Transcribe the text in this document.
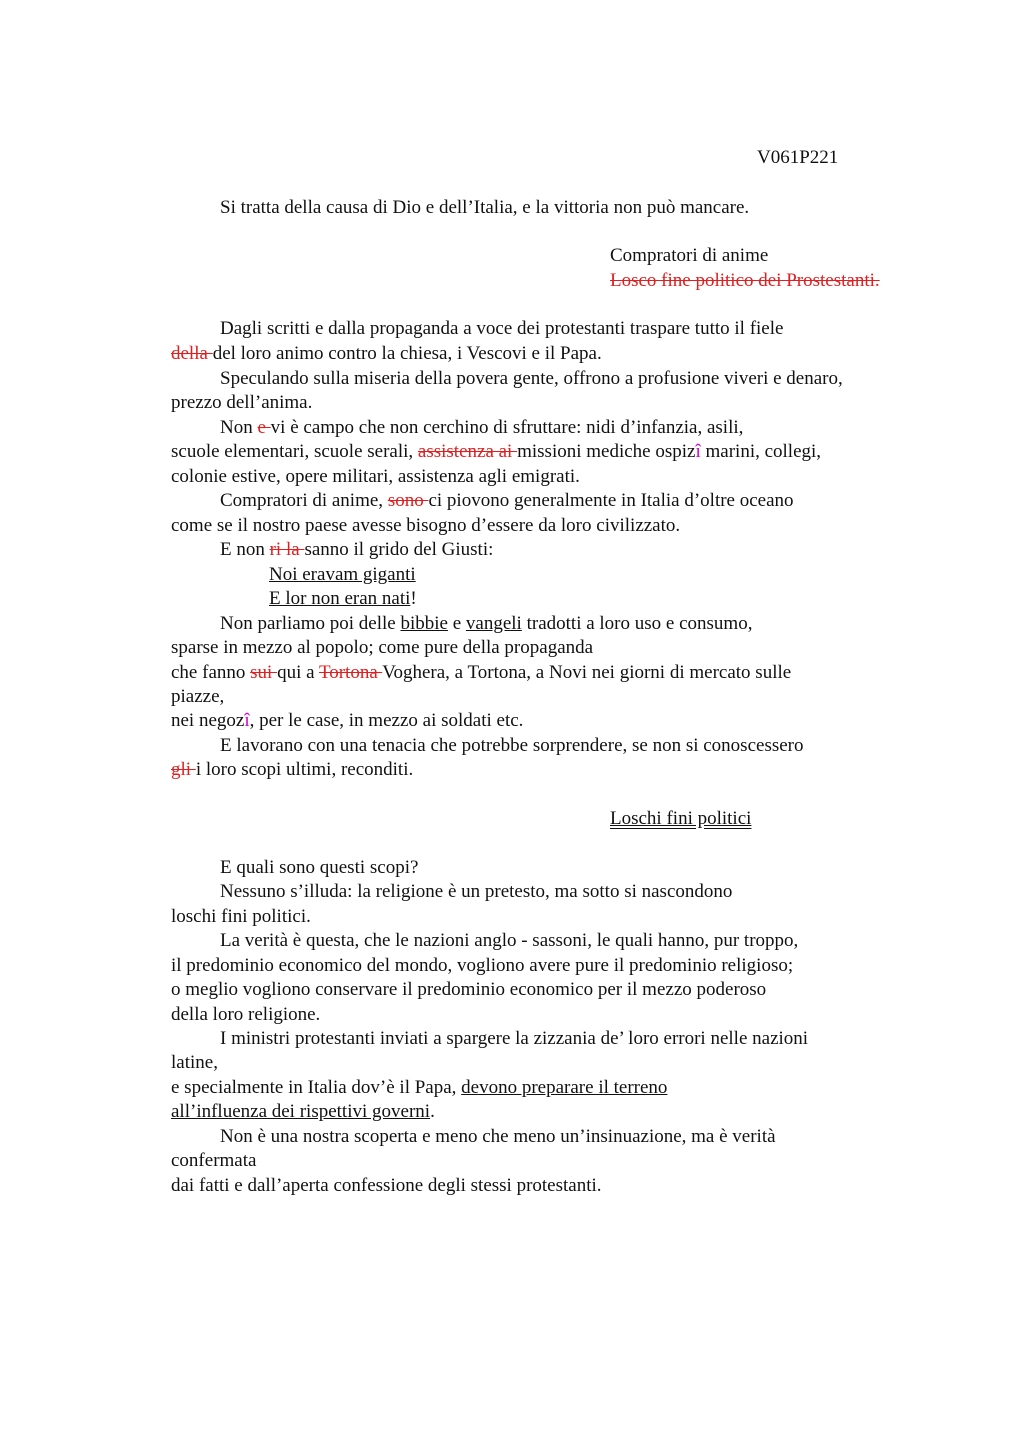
V061P221
Si tratta della causa di Dio e dell’Italia, e la vittoria non può mancare.
Compratori di anime
Losco fine politico dei Prostestanti.
Dagli scritti e dalla propaganda a voce dei protestanti traspare tutto il fiele
della del loro animo contro la chiesa, i Vescovi e il Papa.
Speculando sulla miseria della povera gente, offrono a profusione viveri e denaro,
prezzo dell’anima.
Non e vi è campo che non cerchino di sfruttare: nidi d’infanzia, asili,
scuole elementari, scuole serali, assistenza ai missioni mediche ospizî marini, collegi,
colonie estive, opere militari, assistenza agli emigrati.
Compratori di anime, sono ci piovono generalmente in Italia d’oltre oceano
come se il nostro paese avesse bisogno d’essere da loro civilizzato.
E non ri la sanno il grido del Giusti:
Noi eravam giganti
E lor non eran nati!
Non parliamo poi delle bibbie e vangeli tradotti a loro uso e consumo,
sparse in mezzo al popolo; come pure della propaganda
che fanno sui qui a Tortona Voghera, a Tortona, a Novi nei giorni di mercato sulle
piazze,
nei negozî, per le case, in mezzo ai soldati etc.
E lavorano con una tenacia che potrebbe sorprendere, se non si conoscessero
gli i loro scopi ultimi, reconditi.
Loschi fini politici
E quali sono questi scopi?
Nessuno s’illuda: la religione è un pretesto, ma sotto si nascondono
loschi fini politici.
La verità è questa, che le nazioni anglo - sassoni, le quali hanno, pur troppo,
il predominio economico del mondo, vogliono avere pure il predominio religioso;
o meglio vogliono conservare il predominio economico per il mezzo poderoso
della loro religione.
I ministri protestanti inviati a spargere la zizzania de’ loro errori nelle nazioni
latine,
e specialmente in Italia dov’è il Papa, devono preparare il terreno
all’influenza dei rispettivi governi.
Non è una nostra scoperta e meno che meno un’insinuazione, ma è verità
confermata
dai fatti e dall’aperta confessione degli stessi protestanti.
